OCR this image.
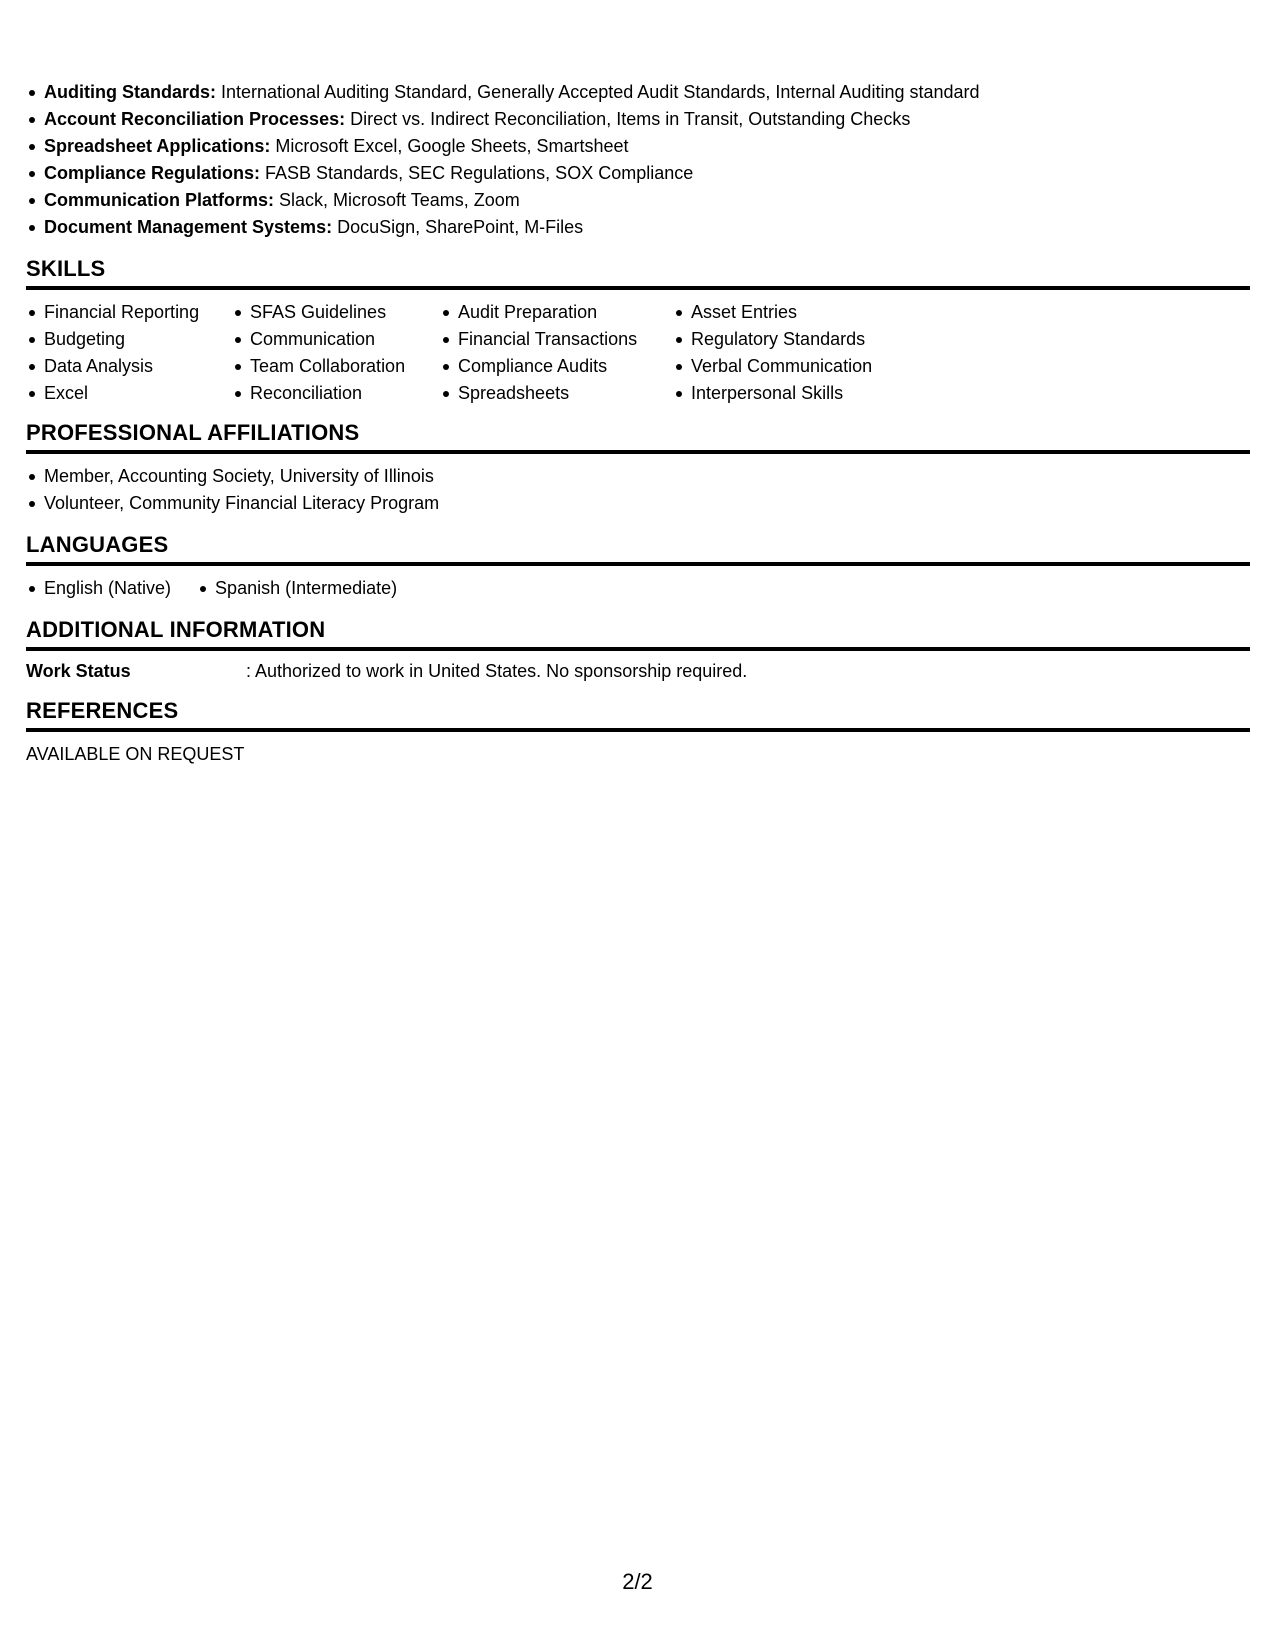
Auditing Standards: International Auditing Standard, Generally Accepted Audit Standards, Internal Auditing standard
Account Reconciliation Processes: Direct vs. Indirect Reconciliation, Items in Transit, Outstanding Checks
Spreadsheet Applications: Microsoft Excel, Google Sheets, Smartsheet
Compliance Regulations: FASB Standards, SEC Regulations, SOX Compliance
Communication Platforms: Slack, Microsoft Teams, Zoom
Document Management Systems: DocuSign, SharePoint, M-Files
SKILLS
Financial Reporting
Budgeting
Data Analysis
Excel
SFAS Guidelines
Communication
Team Collaboration
Reconciliation
Audit Preparation
Financial Transactions
Compliance Audits
Spreadsheets
Asset Entries
Regulatory Standards
Verbal Communication
Interpersonal Skills
PROFESSIONAL AFFILIATIONS
Member, Accounting Society, University of Illinois
Volunteer, Community Financial Literacy Program
LANGUAGES
English (Native)	Spanish (Intermediate)
ADDITIONAL INFORMATION
Work Status	: Authorized to work in United States. No sponsorship required.
REFERENCES
AVAILABLE ON REQUEST
2/2
